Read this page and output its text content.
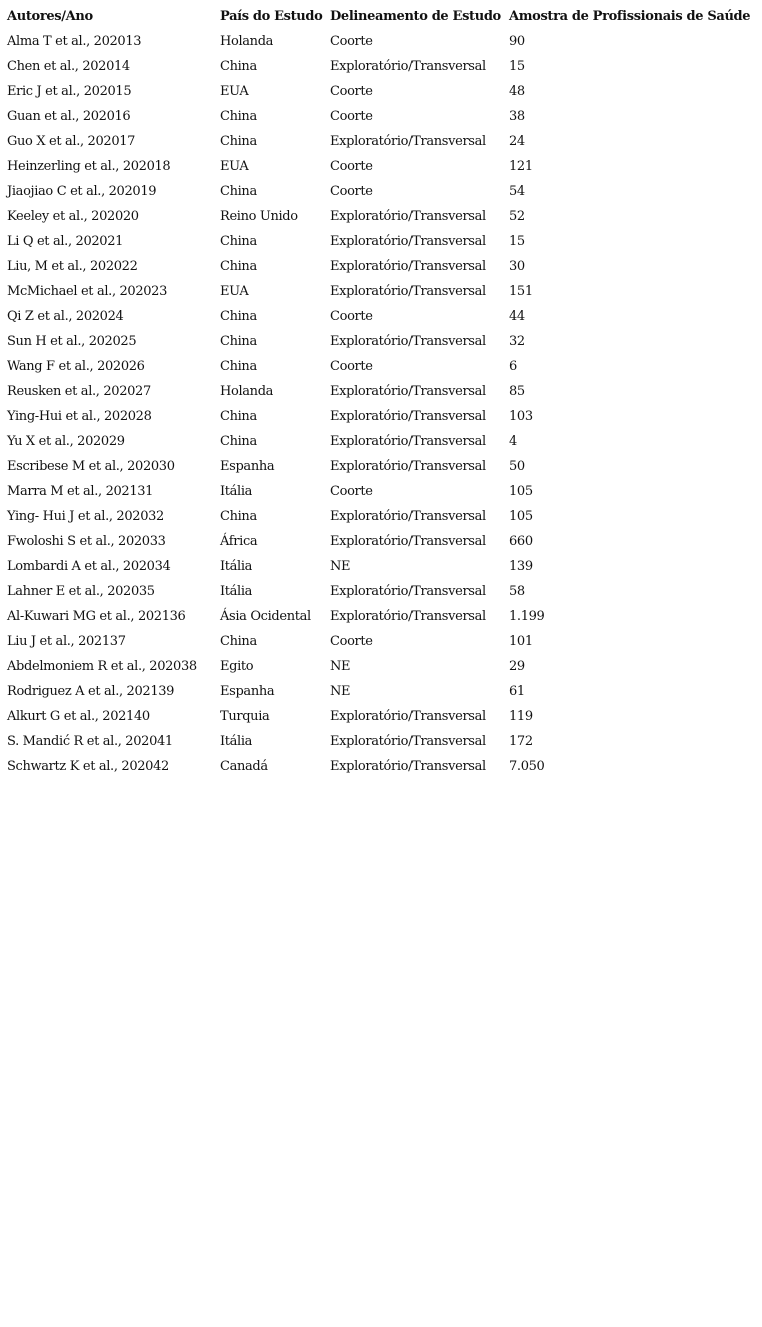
Autores/Ano	País do Estudo	Delineamento de Estudo	Amostra de Profissionais de Saúde
Alma T et al., 202013	Holanda	Coorte	90
Chen et al., 202014	China	Exploratório/Transversal	15
Eric J et al., 202015	EUA	Coorte	48
Guan et al., 202016	China	Coorte	38
Guo X et al., 202017	China	Exploratório/Transversal	24
Heinzerling et al., 202018	EUA	Coorte	121
Jiaojiao C et al., 202019	China	Coorte	54
Keeley et al., 202020	Reino Unido	Exploratório/Transversal	52
Li Q et al., 202021	China	Exploratório/Transversal	15
Liu, M et al., 202022	China	Exploratório/Transversal	30
McMichael et al., 202023	EUA	Exploratório/Transversal	151
Qi Z et al., 202024	China	Coorte	44
Sun H et al., 202025	China	Exploratório/Transversal	32
Wang F et al., 202026	China	Coorte	6
Reusken et al., 202027	Holanda	Exploratório/Transversal	85
Ying-Hui et al., 202028	China	Exploratório/Transversal	103
Yu X et al., 202029	China	Exploratório/Transversal	4
Escribese M et al., 202030	Espanha	Exploratório/Transversal	50
Marra M et al., 202131	Itália	Coorte	105
Ying- Hui J et al., 202032	China	Exploratório/Transversal	105
Fwoloshi S et al., 202033	África	Exploratório/Transversal	660
Lombardi A et al., 202034	Itália	NE	139
Lahner E et al., 202035	Itália	Exploratório/Transversal	58
Al-Kuwari MG et al., 202136	Ásia Ocidental	Exploratório/Transversal	1.199
Liu J et al., 202137	China	Coorte	101
Abdelmoniem R et al., 202038	Egito	NE	29
Rodriguez A et al., 202139	Espanha	NE	61
Alkurt G et al., 202140	Turquia	Exploratório/Transversal	119
S. Mandić R et al., 202041	Itália	Exploratório/Transversal	172
Schwartz K et al., 202042	Canadá	Exploratório/Transversal	7.050
